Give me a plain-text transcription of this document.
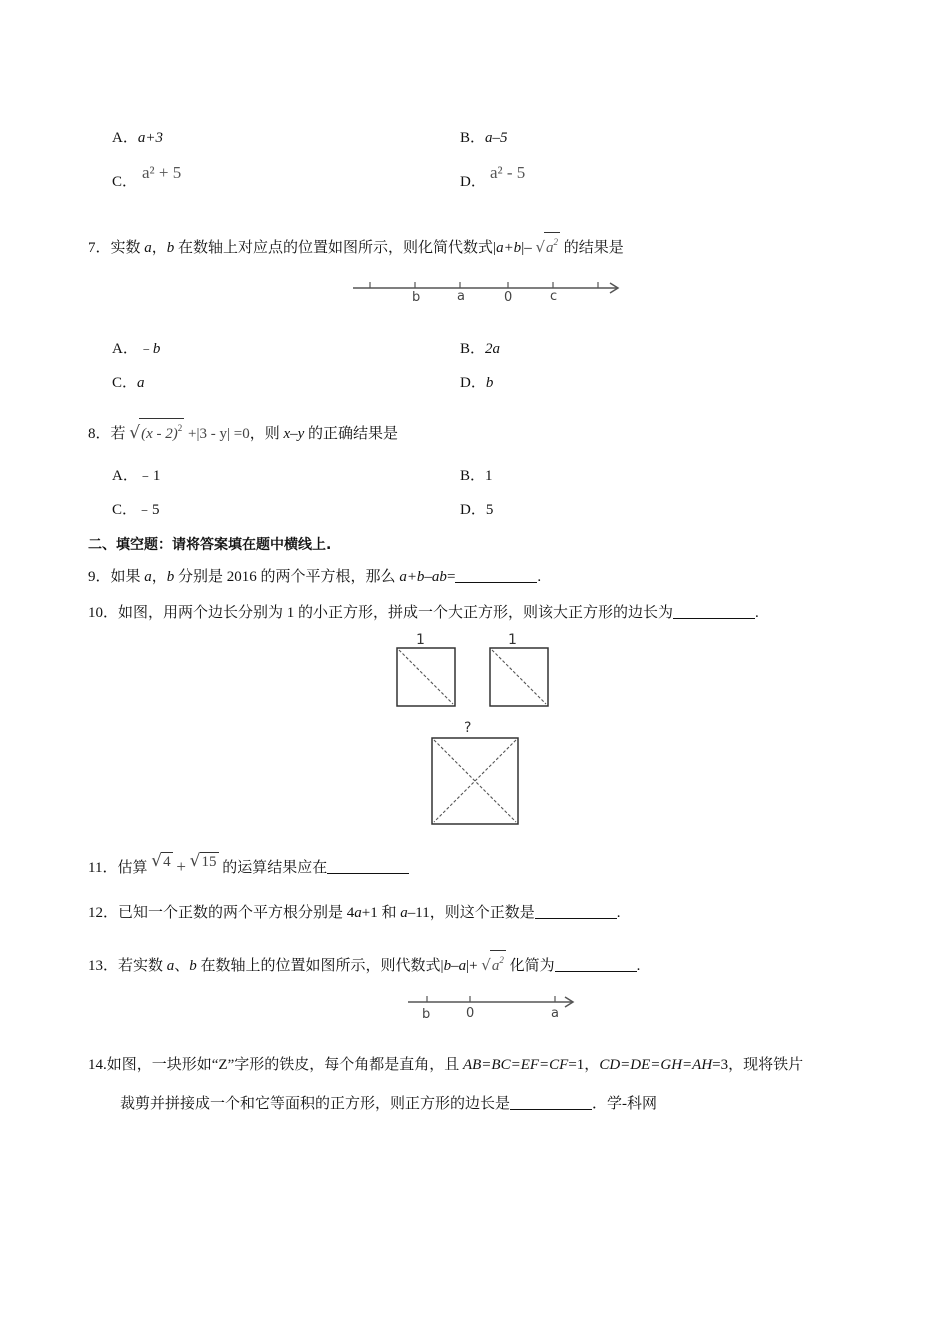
A．a+3	B．a–5
C． a² + 5	D． a² - 5
7．实数 a，b 在数轴上对应点的位置如图所示，则化简代数式|a+b|– $√a^2$ 的结果是
b	a	0	c
A．﹣b	B．2a
C．a	D．b
8．若 √(x - 2)$^2$ +|3 - y| =0，则 x–y 的正确结果是
A．﹣1	B．1
C．﹣5	D．5
二、填空题：请将答案填在题中横线上.
9．如果 a，b 分别是 2016 的两个平方根，那么 a+b–ab=	.
10．如图，用两个边长分别为 1 的小正方形，拼成一个大正方形，则该大正方形的边长为	.
1	1
?
11．估算 √4 + √15 的运算结果应在
12．已知一个正数的两个平方根分别是 4a+1 和 a–11，则这个正数是	.
13．若实数 a、b 在数轴上的位置如图所示，则代数式$|b-a|+ √a^2$ 化简为	.
b	0	a
14.如图，一块形如“Z”字形的铁皮，每个角都是直角，且 AB=BC=EF=CF=1，CD=DE=GH=AH=3，现将铁片
裁剪并拼接成一个和它等面积的正方形，则正方形的边长是	．学-科网
